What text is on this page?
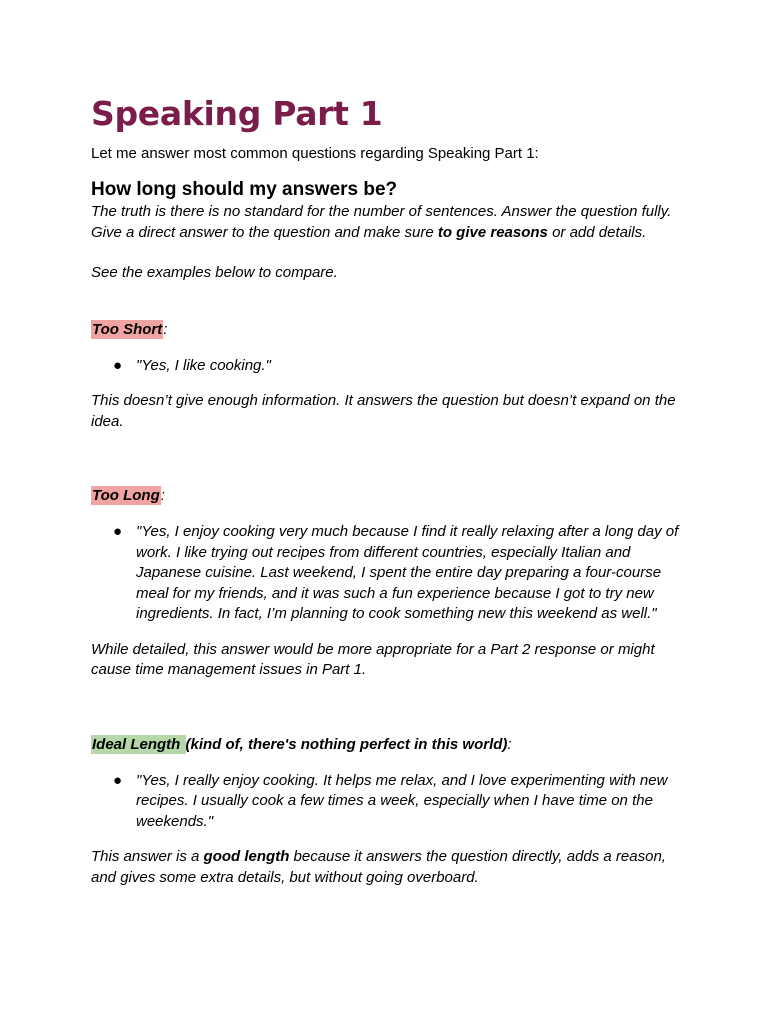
Speaking Part 1

Let me answer most common questions regarding Speaking Part 1:

How long should my answers be?

The truth is there is no standard for the number of sentences. Answer the question fully. Give a direct answer to the question and make sure to give reasons or add details.

See the examples below to compare.

Too Short:

● "Yes, I like cooking."

This doesn’t give enough information. It answers the question but doesn’t expand on the idea.

Too Long:

● "Yes, I enjoy cooking very much because I find it really relaxing after a long day of work. I like trying out recipes from different countries, especially Italian and Japanese cuisine. Last weekend, I spent the entire day preparing a four-course meal for my friends, and it was such a fun experience because I got to try new ingredients. In fact, I’m planning to cook something new this weekend as well."

While detailed, this answer would be more appropriate for a Part 2 response or might cause time management issues in Part 1.

Ideal Length (kind of, there's nothing perfect in this world):

● "Yes, I really enjoy cooking. It helps me relax, and I love experimenting with new recipes. I usually cook a few times a week, especially when I have time on the weekends."

This answer is a good length because it answers the question directly, adds a reason, and gives some extra details, but without going overboard.
